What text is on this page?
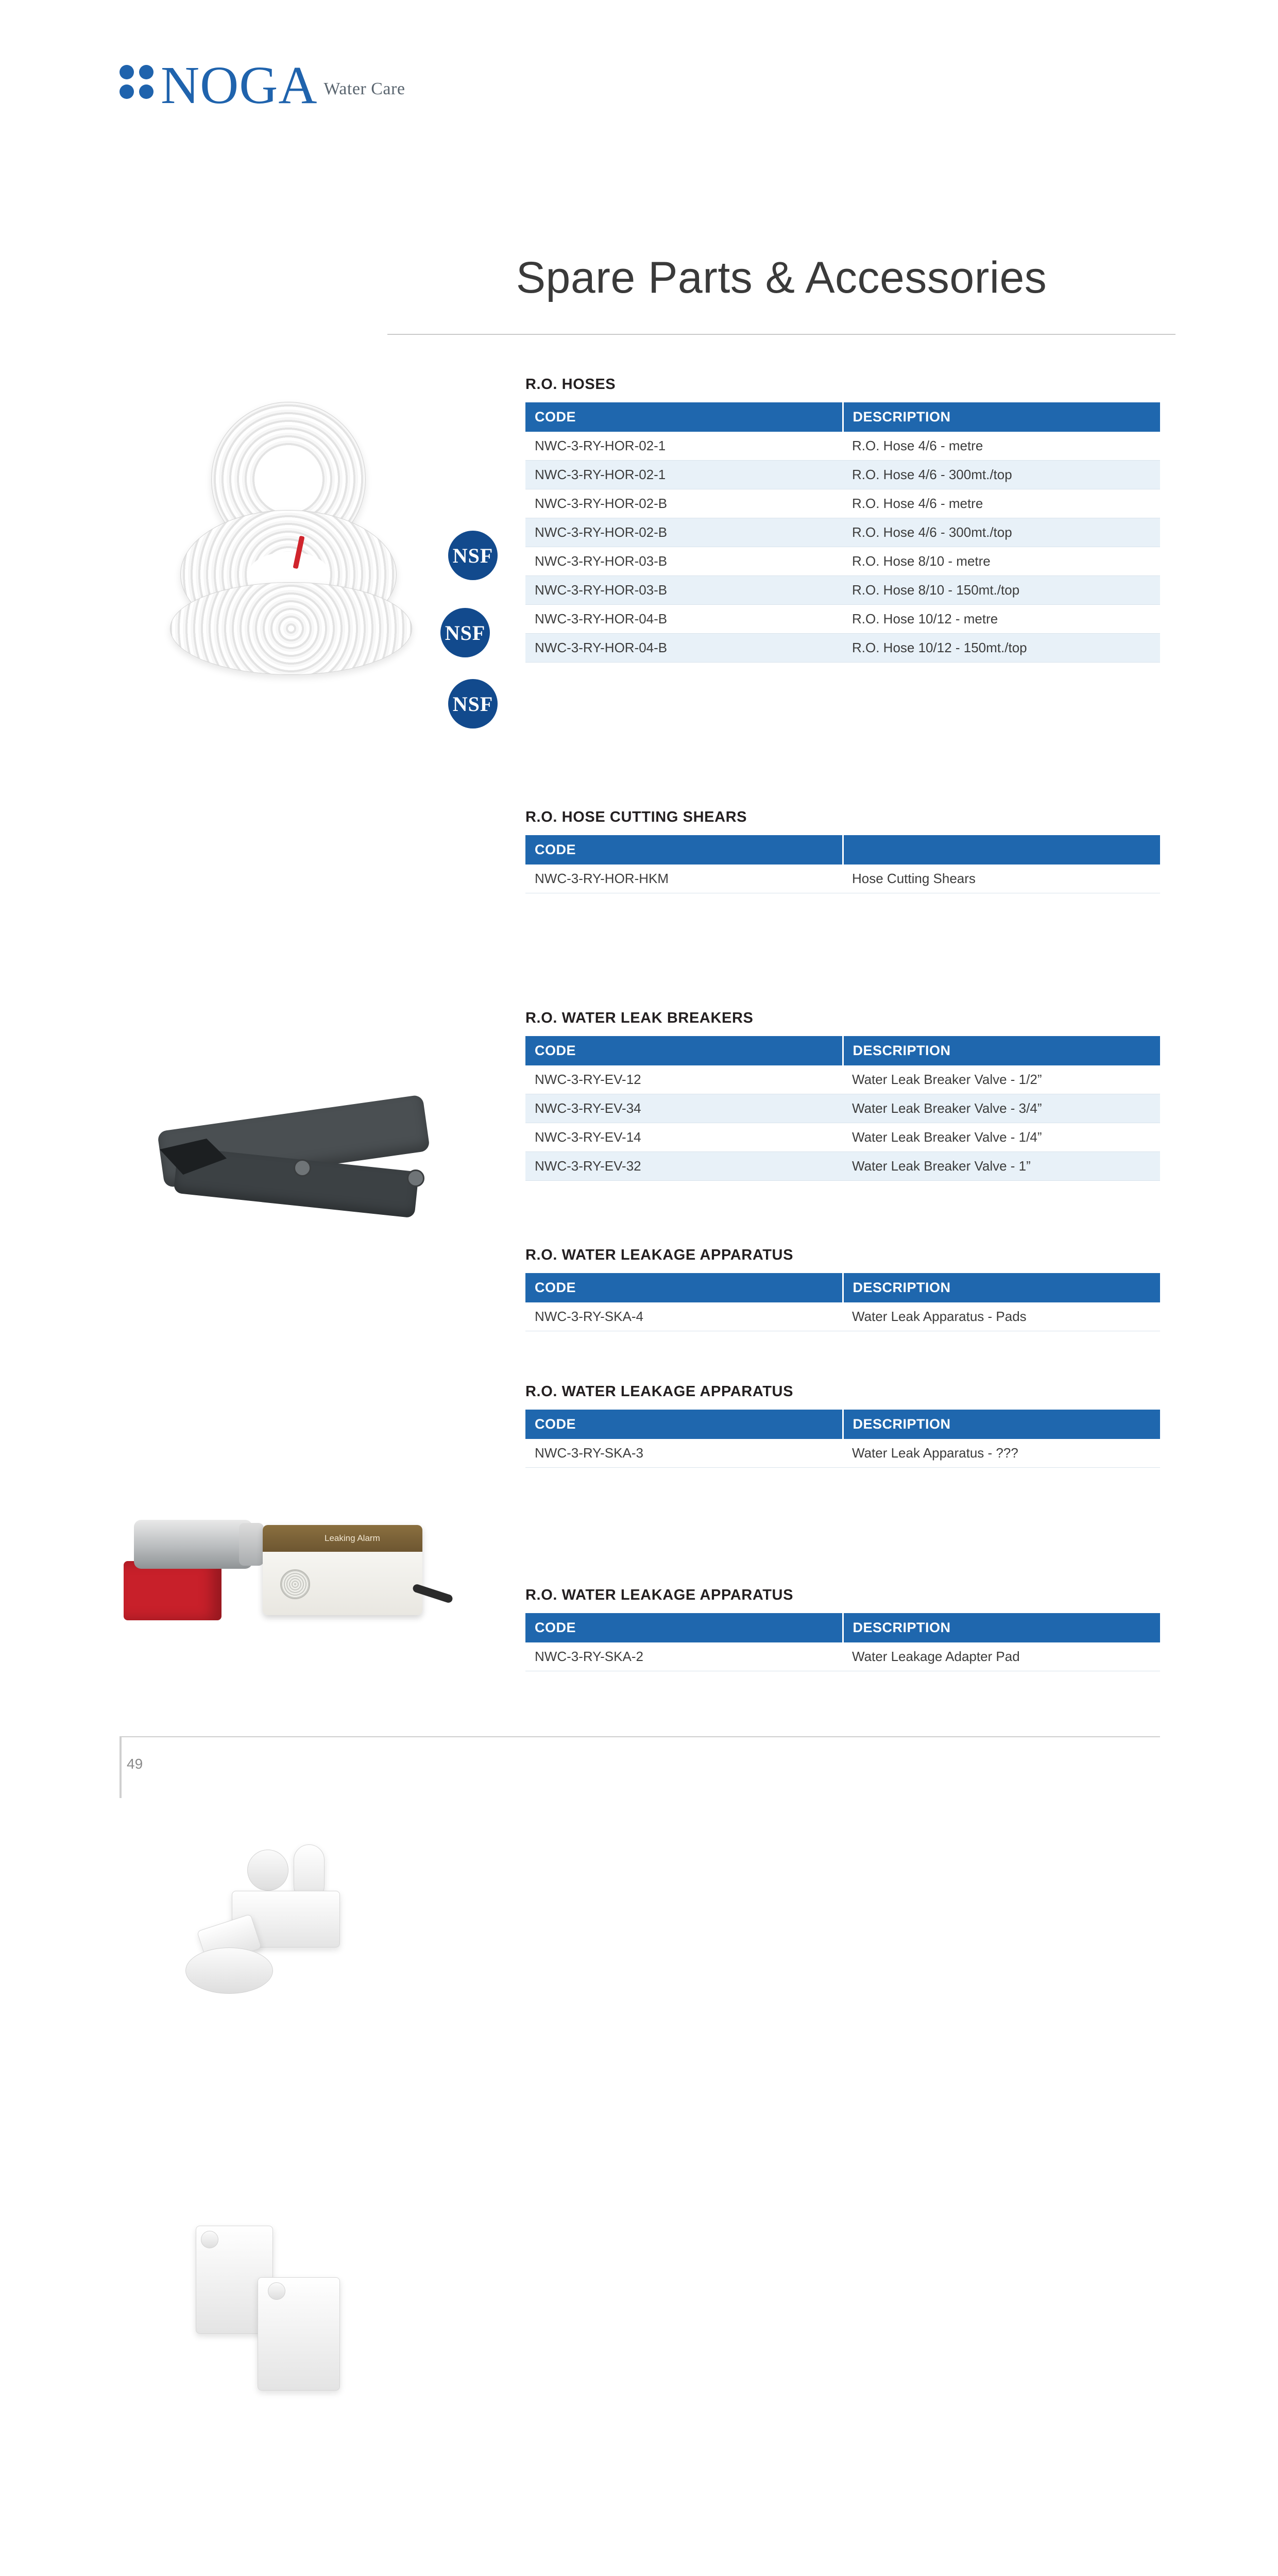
NOGA Water Care
Spare Parts & Accessories
NSF
NSF
NSF
Leaking Alarm
R.O. HOSES
CODE	DESCRIPTION
NWC-3-RY-HOR-02-1	R.O. Hose 4/6 - metre
NWC-3-RY-HOR-02-1	R.O. Hose 4/6 - 300mt./top
NWC-3-RY-HOR-02-B	R.O. Hose 4/6 - metre
NWC-3-RY-HOR-02-B	R.O. Hose 4/6 - 300mt./top
NWC-3-RY-HOR-03-B	R.O. Hose 8/10 - metre
NWC-3-RY-HOR-03-B	R.O. Hose 8/10 - 150mt./top
NWC-3-RY-HOR-04-B	R.O. Hose 10/12 - metre
NWC-3-RY-HOR-04-B	R.O. Hose 10/12 - 150mt./top
R.O. HOSE CUTTING SHEARS
CODE	
NWC-3-RY-HOR-HKM	Hose Cutting Shears
R.O. WATER LEAK BREAKERS
CODE	DESCRIPTION
NWC-3-RY-EV-12	Water Leak Breaker Valve - 1/2”
NWC-3-RY-EV-34	Water Leak Breaker Valve - 3/4”
NWC-3-RY-EV-14	Water Leak Breaker Valve - 1/4”
NWC-3-RY-EV-32	Water Leak Breaker Valve - 1”
R.O. WATER LEAKAGE APPARATUS
CODE	DESCRIPTION
NWC-3-RY-SKA-4	Water Leak Apparatus - Pads
R.O. WATER LEAKAGE APPARATUS
CODE	DESCRIPTION
NWC-3-RY-SKA-3	Water Leak Apparatus - ???
R.O. WATER LEAKAGE APPARATUS
CODE	DESCRIPTION
NWC-3-RY-SKA-2	Water Leakage Adapter Pad
49
